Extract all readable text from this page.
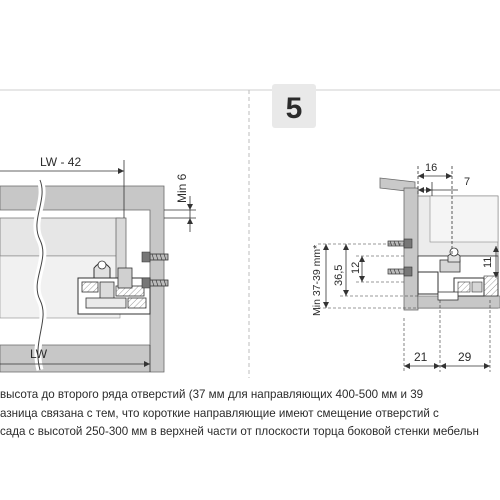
5
LW - 42
Min 6
LW
16
7
Min 37-39 mm* 36,5 12	11
21	29
высота до второго ряда отверстий (37 мм для направляющих 400-500 мм и 39
азница связана с тем, что короткие направляющие имеют смещение отверстий с
сада с высотой 250-300 мм в верхней части от плоскости торца боковой стенки мебельн
